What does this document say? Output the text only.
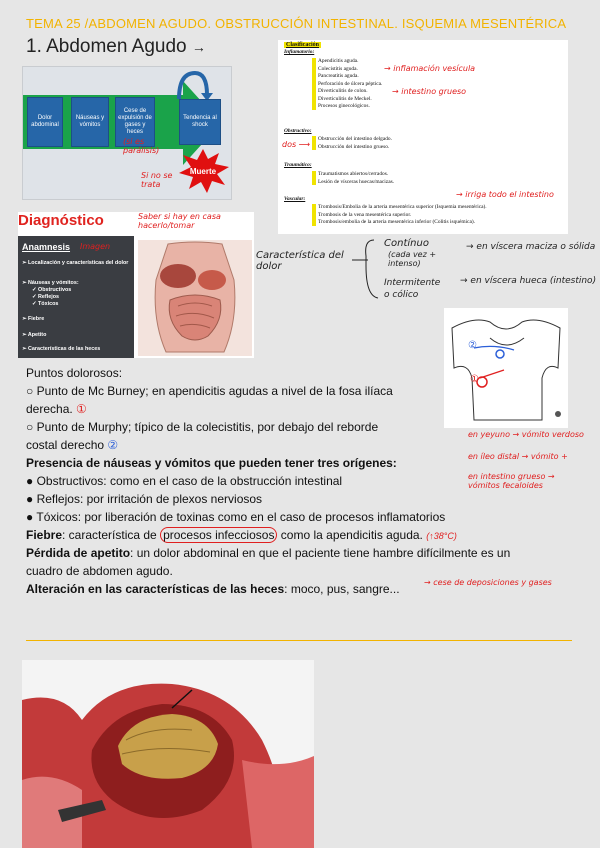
TEMA 25 /ABDOMEN AGUDO. OBSTRUCCIÓN INTESTINAL. ISQUEMIA MESENTÉRICA
1. Abdomen Agudo →
Dolor abdominal
Náuseas y vómitos
Cese de expulsión de gases y heces
Tendencia al shock
Muerte
(si es parálisis)
Si no se trata
Clasificación
Inflamatorio:
Apendicitis aguda.
Colecistitis aguda.
Pancreatitis aguda.
Perforación de úlcera péptica.
Diverticulitis de colon.
Diverticulitis de Meckel.
Procesos ginecológicos.
→ inflamación vesícula
→ intestino grueso
Obstructivo:
Obstrucción del intestino delgado.
Obstrucción del intestino grueso.
dos ⟶
Traumático:
Traumatismos abiertos/cerrados.
Lesión de vísceras huecas/macizas.
Vascular:
Trombosis/Embolia de la arteria mesentérica superior (Isquemia mesentérica).
Trombosis de la vena mesentérica superior.
Trombosis/embolia de la arteria mesentérica inferior (Colitis isquémica).
→ irriga todo el intestino
Diagnóstico	Saber si hay en casa hacerlo/tomar
Anamnesis Imagen
➢ Localización y características del dolor
➢ Náuseas y vómitos:
✓ Obstructivos
✓ Reflejos
✓ Tóxicos
➢ Fiebre
➢ Apetito
➢ Características de las heces
Característica del dolor
Contínuo
(cada vez + intenso)
→ en víscera maciza o sólida
Intermitente
o cólico
→ en víscera hueca (intestino)
②
①
Puntos dolorosos:
○ Punto de Mc Burney; en apendicitis agudas a nivel de la fosa ilíaca
derecha. ①
○ Punto de Murphy; típico de la colecistitis, por debajo del reborde
costal derecho ②
Presencia de náuseas y vómitos que pueden tener tres orígenes:
● Obstructivos: como en el caso de la obstrucción intestinal
● Reflejos: por irritación de plexos nerviosos
● Tóxicos: por liberación de toxinas como en el caso de procesos inflamatorios
en yeyuno → vómito verdoso
en íleo distal → vómito +
en intestino grueso → vómitos fecaloides
Fiebre: característica de procesos infecciosos como la apendicitis aguda. (↑38°C)
Pérdida de apetito: un dolor abdominal en que el paciente tiene hambre difícilmente es un
cuadro de abdomen agudo.
Alteración en las características de las heces: moco, pus, sangre...	→ cese de deposiciones y gases
